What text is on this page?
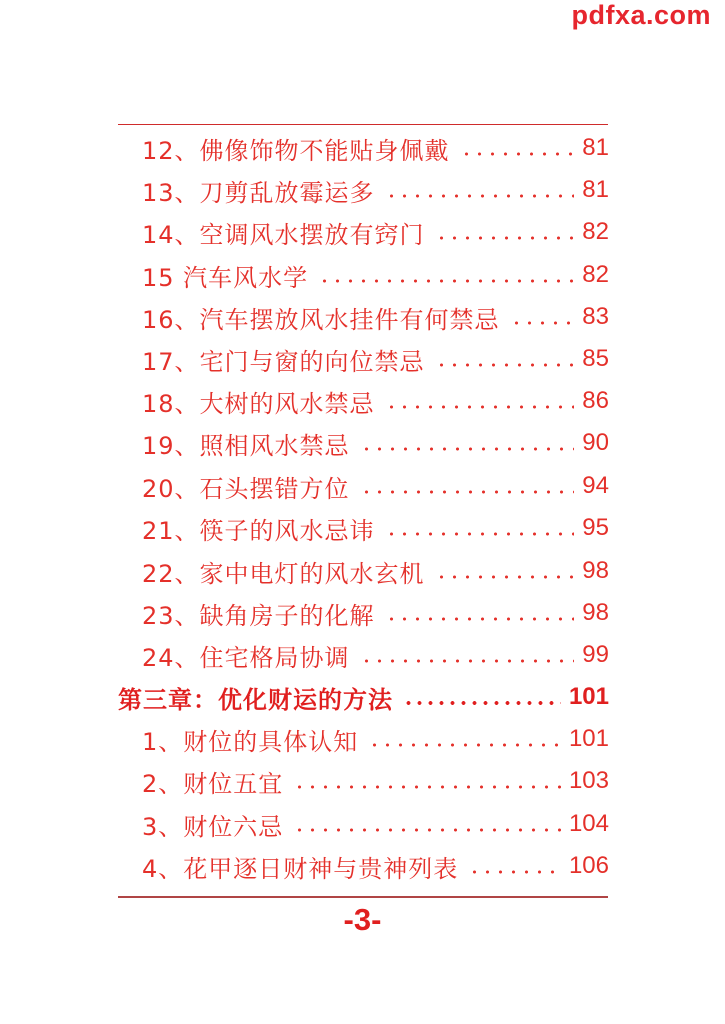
pdfxa.com
12、佛像饰物不能贴身佩戴	81
13、刀剪乱放霉运多	81
14、空调风水摆放有窍门	82
15 汽车风水学	82
16、汽车摆放风水挂件有何禁忌	83
17、宅门与窗的向位禁忌	85
18、大树的风水禁忌	86
19、照相风水禁忌	90
20、石头摆错方位	94
21、筷子的风水忌讳	95
22、家中电灯的风水玄机	98
23、缺角房子的化解	98
24、住宅格局协调	99
第三章：优化财运的方法	101
1、财位的具体认知	101
2、财位五宜	103
3、财位六忌	104
4、花甲逐日财神与贵神列表	106
-3-
